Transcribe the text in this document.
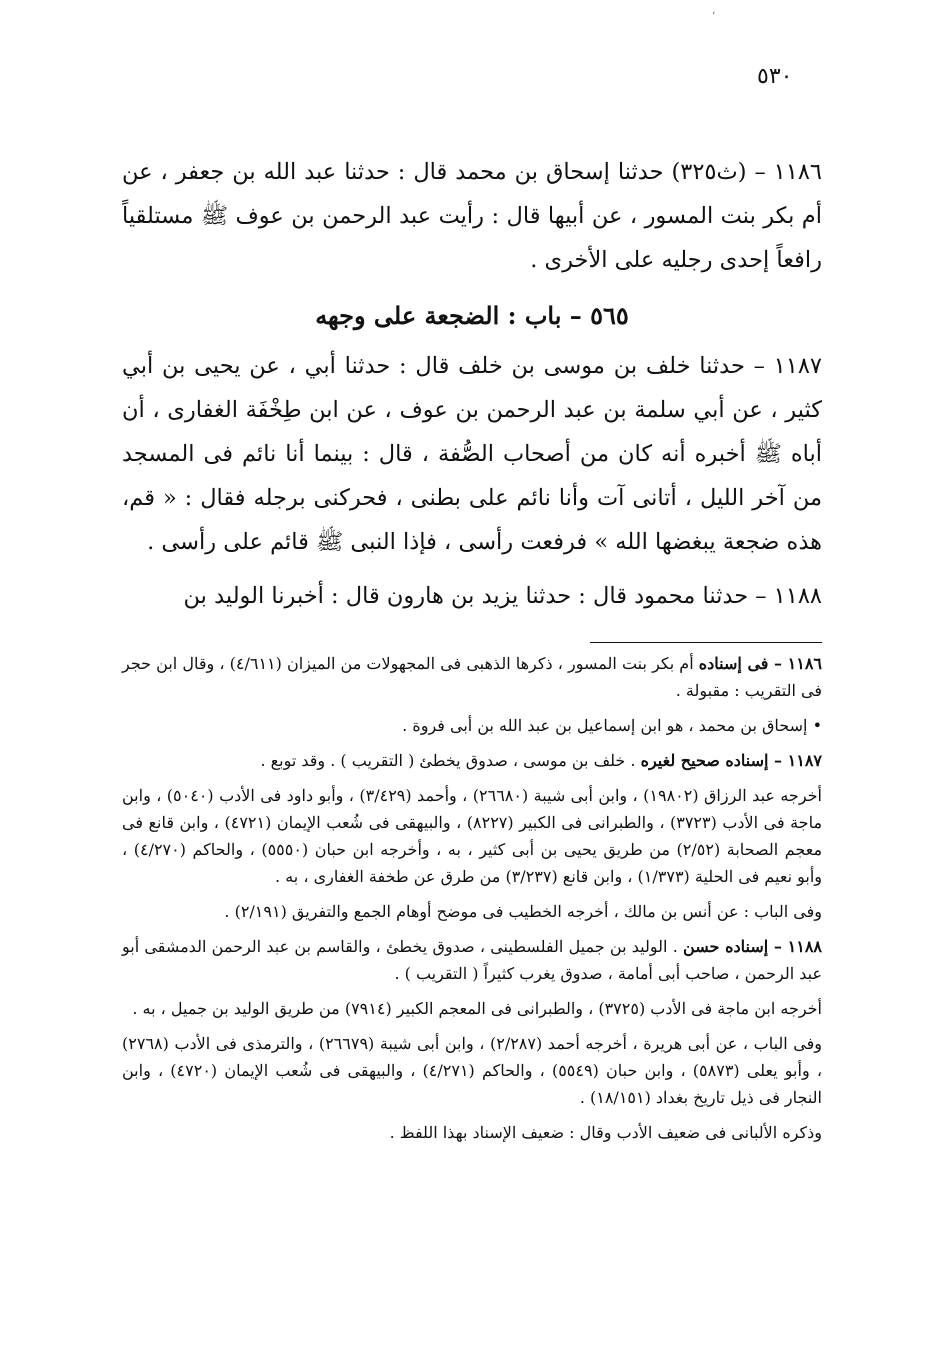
،
٥٣٠

١١٨٦ – (ث٣٢٥) حدثنا إسحاق بن محمد قال : حدثنا عبد الله بن جعفر ، عن أم بكر بنت المسور ، عن أبيها قال : رأيت عبد الرحمن بن عوف ﷺ مستلقياً رافعاً إحدى رجليه على الأخرى .

٥٦٥ – باب : الضجعة على وجهه

١١٨٧ – حدثنا خلف بن موسى بن خلف قال : حدثنا أبي ، عن يحيى بن أبي كثير ، عن أبي سلمة بن عبد الرحمن بن عوف ، عن ابن طِخْفَة الغفارى ، أن أباه ﷺ أخبره أنه كان من أصحاب الصُّفة ، قال : بينما أنا نائم فى المسجد من آخر الليل ، أتانى آت وأنا نائم على بطنى ، فحركنى برجله فقال : « قم، هذه ضجعة يبغضها الله » فرفعت رأسى ، فإذا النبى ﷺ قائم على رأسى .

١١٨٨ – حدثنا محمود قال : حدثنا يزيد بن هارون قال : أخبرنا الوليد بن

١١٨٦ – فى إسناده أم بكر بنت المسور ، ذكرها الذهبى فى المجهولات من الميزان (٤/٦١١) ، وقال ابن حجر فى التقريب : مقبولة .

• إسحاق بن محمد ، هو ابن إسماعيل بن عبد الله بن أبى فروة .

١١٨٧ – إسناده صحيح لغيره . خلف بن موسى ، صدوق يخطئ ( التقريب ) . وقد توبع .

أخرجه عبد الرزاق (١٩٨٠٢) ، وابن أبى شيبة (٢٦٦٨٠) ، وأحمد (٣/٤٢٩) ، وأبو داود فى الأدب (٥٠٤٠) ، وابن ماجة فى الأدب (٣٧٢٣) ، والطبرانى فى الكبير (٨٢٢٧) ، والبيهقى فى شُعب الإيمان (٤٧٢١) ، وابن قانع فى معجم الصحابة (٢/٥٢) من طريق يحيى بن أبى كثير ، به ، وأخرجه ابن حبان (٥٥٥٠) ، والحاكم (٤/٢٧٠) ، وأبو نعيم فى الحلية (١/٣٧٣) ، وابن قانع (٣/٢٣٧) من طرق عن طخفة الغفارى ، به .

وفى الباب : عن أنس بن مالك ، أخرجه الخطيب فى موضح أوهام الجمع والتفريق (٢/١٩١) .

١١٨٨ – إسناده حسن . الوليد بن جميل الفلسطينى ، صدوق يخطئ ، والقاسم بن عبد الرحمن الدمشقى أبو عبد الرحمن ، صاحب أبى أمامة ، صدوق يغرب كثيراً ( التقريب ) .

أخرجه ابن ماجة فى الأدب (٣٧٢٥) ، والطبرانى فى المعجم الكبير (٧٩١٤) من طريق الوليد بن جميل ، به .

وفى الباب ، عن أبى هريرة ، أخرجه أحمد (٢/٢٨٧) ، وابن أبى شيبة (٢٦٦٧٩) ، والترمذى فى الأدب (٢٧٦٨) ، وأبو يعلى (٥٨٧٣) ، وابن حبان (٥٥٤٩) ، والحاكم (٤/٢٧١) ، والبيهقى فى شُعب الإيمان (٤٧٢٠) ، وابن النجار فى ذيل تاريخ بغداد (١٨/١٥١) .

وذكره الألبانى فى ضعيف الأدب وقال : ضعيف الإسناد بهذا اللفظ .
